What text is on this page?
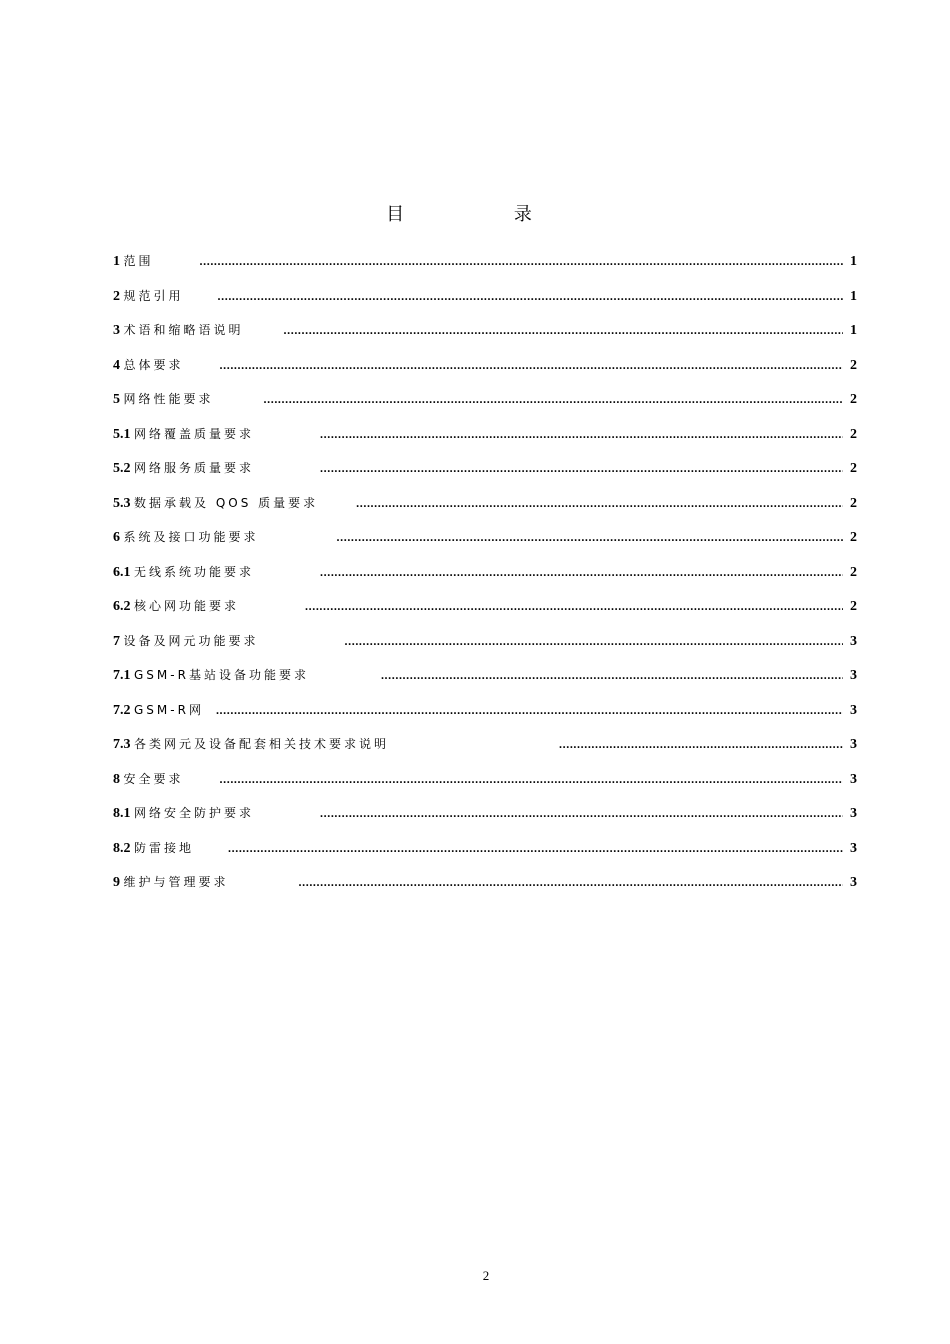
目 录
1 范围 .....	1
2 规范引用 .....	1
3 术语和缩略语说明 .....	1
4 总体要求 .....	2
5 网络性能要求 .....	2
5.1 网络覆盖质量要求 .....	2
5.2 网络服务质量要求 .....	2
5.3 数据承载及 QOS 质量要求 .....	2
6 系统及接口功能要求 .....	2
6.1 无线系统功能要求 .....	2
6.2 核心网功能要求 .....	2
7 设备及网元功能要求 .....	3
7.1 GSM-R基站设备功能要求 .....	3
7.2 GSM-R网 .....	3
7.3 各类网元及设备配套相关技术要求说明 .....	3
8 安全要求 .....	3
8.1 网络安全防护要求 .....	3
8.2 防雷接地 .....	3
9 维护与管理要求 .....	3
2
